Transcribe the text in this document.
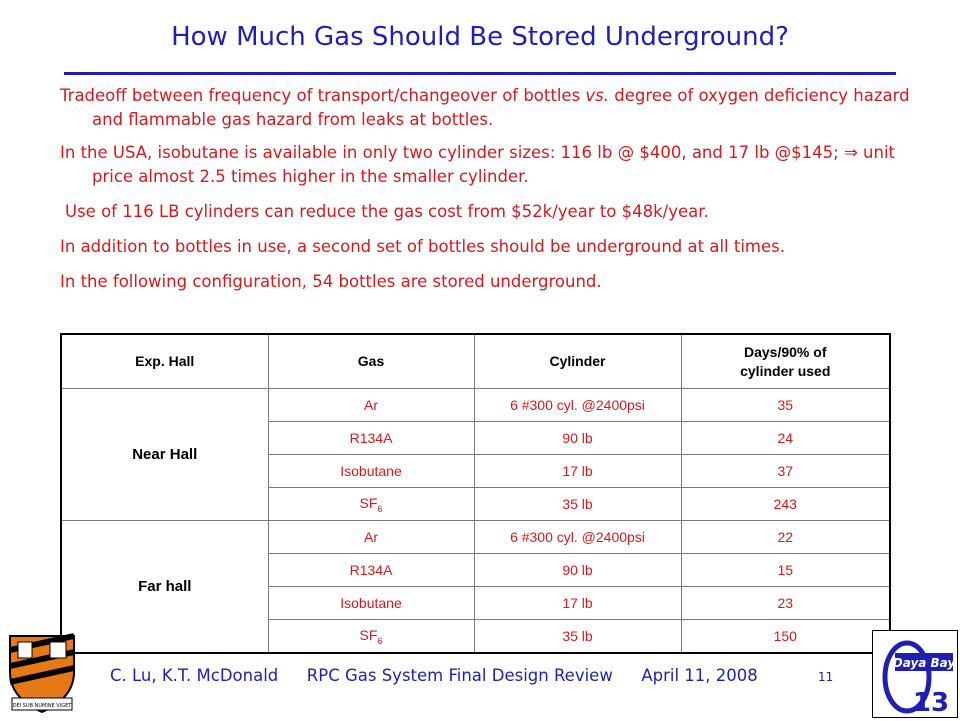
How Much Gas Should Be Stored Underground?

Tradeoff between frequency of transport/changeover of bottles vs. degree of oxygen deficiency hazard and flammable gas hazard from leaks at bottles.

In the USA, isobutane is available in only two cylinder sizes: 116 lb @ $400, and 17 lb @$145; ⇒ unit price almost 2.5 times higher in the smaller cylinder.

Use of 116 LB cylinders can reduce the gas cost from $52k/year to $48k/year.

In addition to bottles in use, a second set of bottles should be underground at all times.

In the following configuration, 54 bottles are stored underground.

Exp. Hall	Gas	Cylinder	Days/90% of cylinder used
Near Hall	Ar	6 #300 cyl. @2400psi	35
	R134A	90 lb	24
	Isobutane	17 lb	37
	$SF_6$	35 lb	243
Far hall	Ar	6 #300 cyl. @2400psi	22
	R134A	90 lb	15
	Isobutane	17 lb	23
	$SF_6$	35 lb	150
DEI SUB NUMINE VIGET
C. Lu, K.T. McDonald RPC Gas System Final Design Review April 11, 2008	11
Daya Bay
13
